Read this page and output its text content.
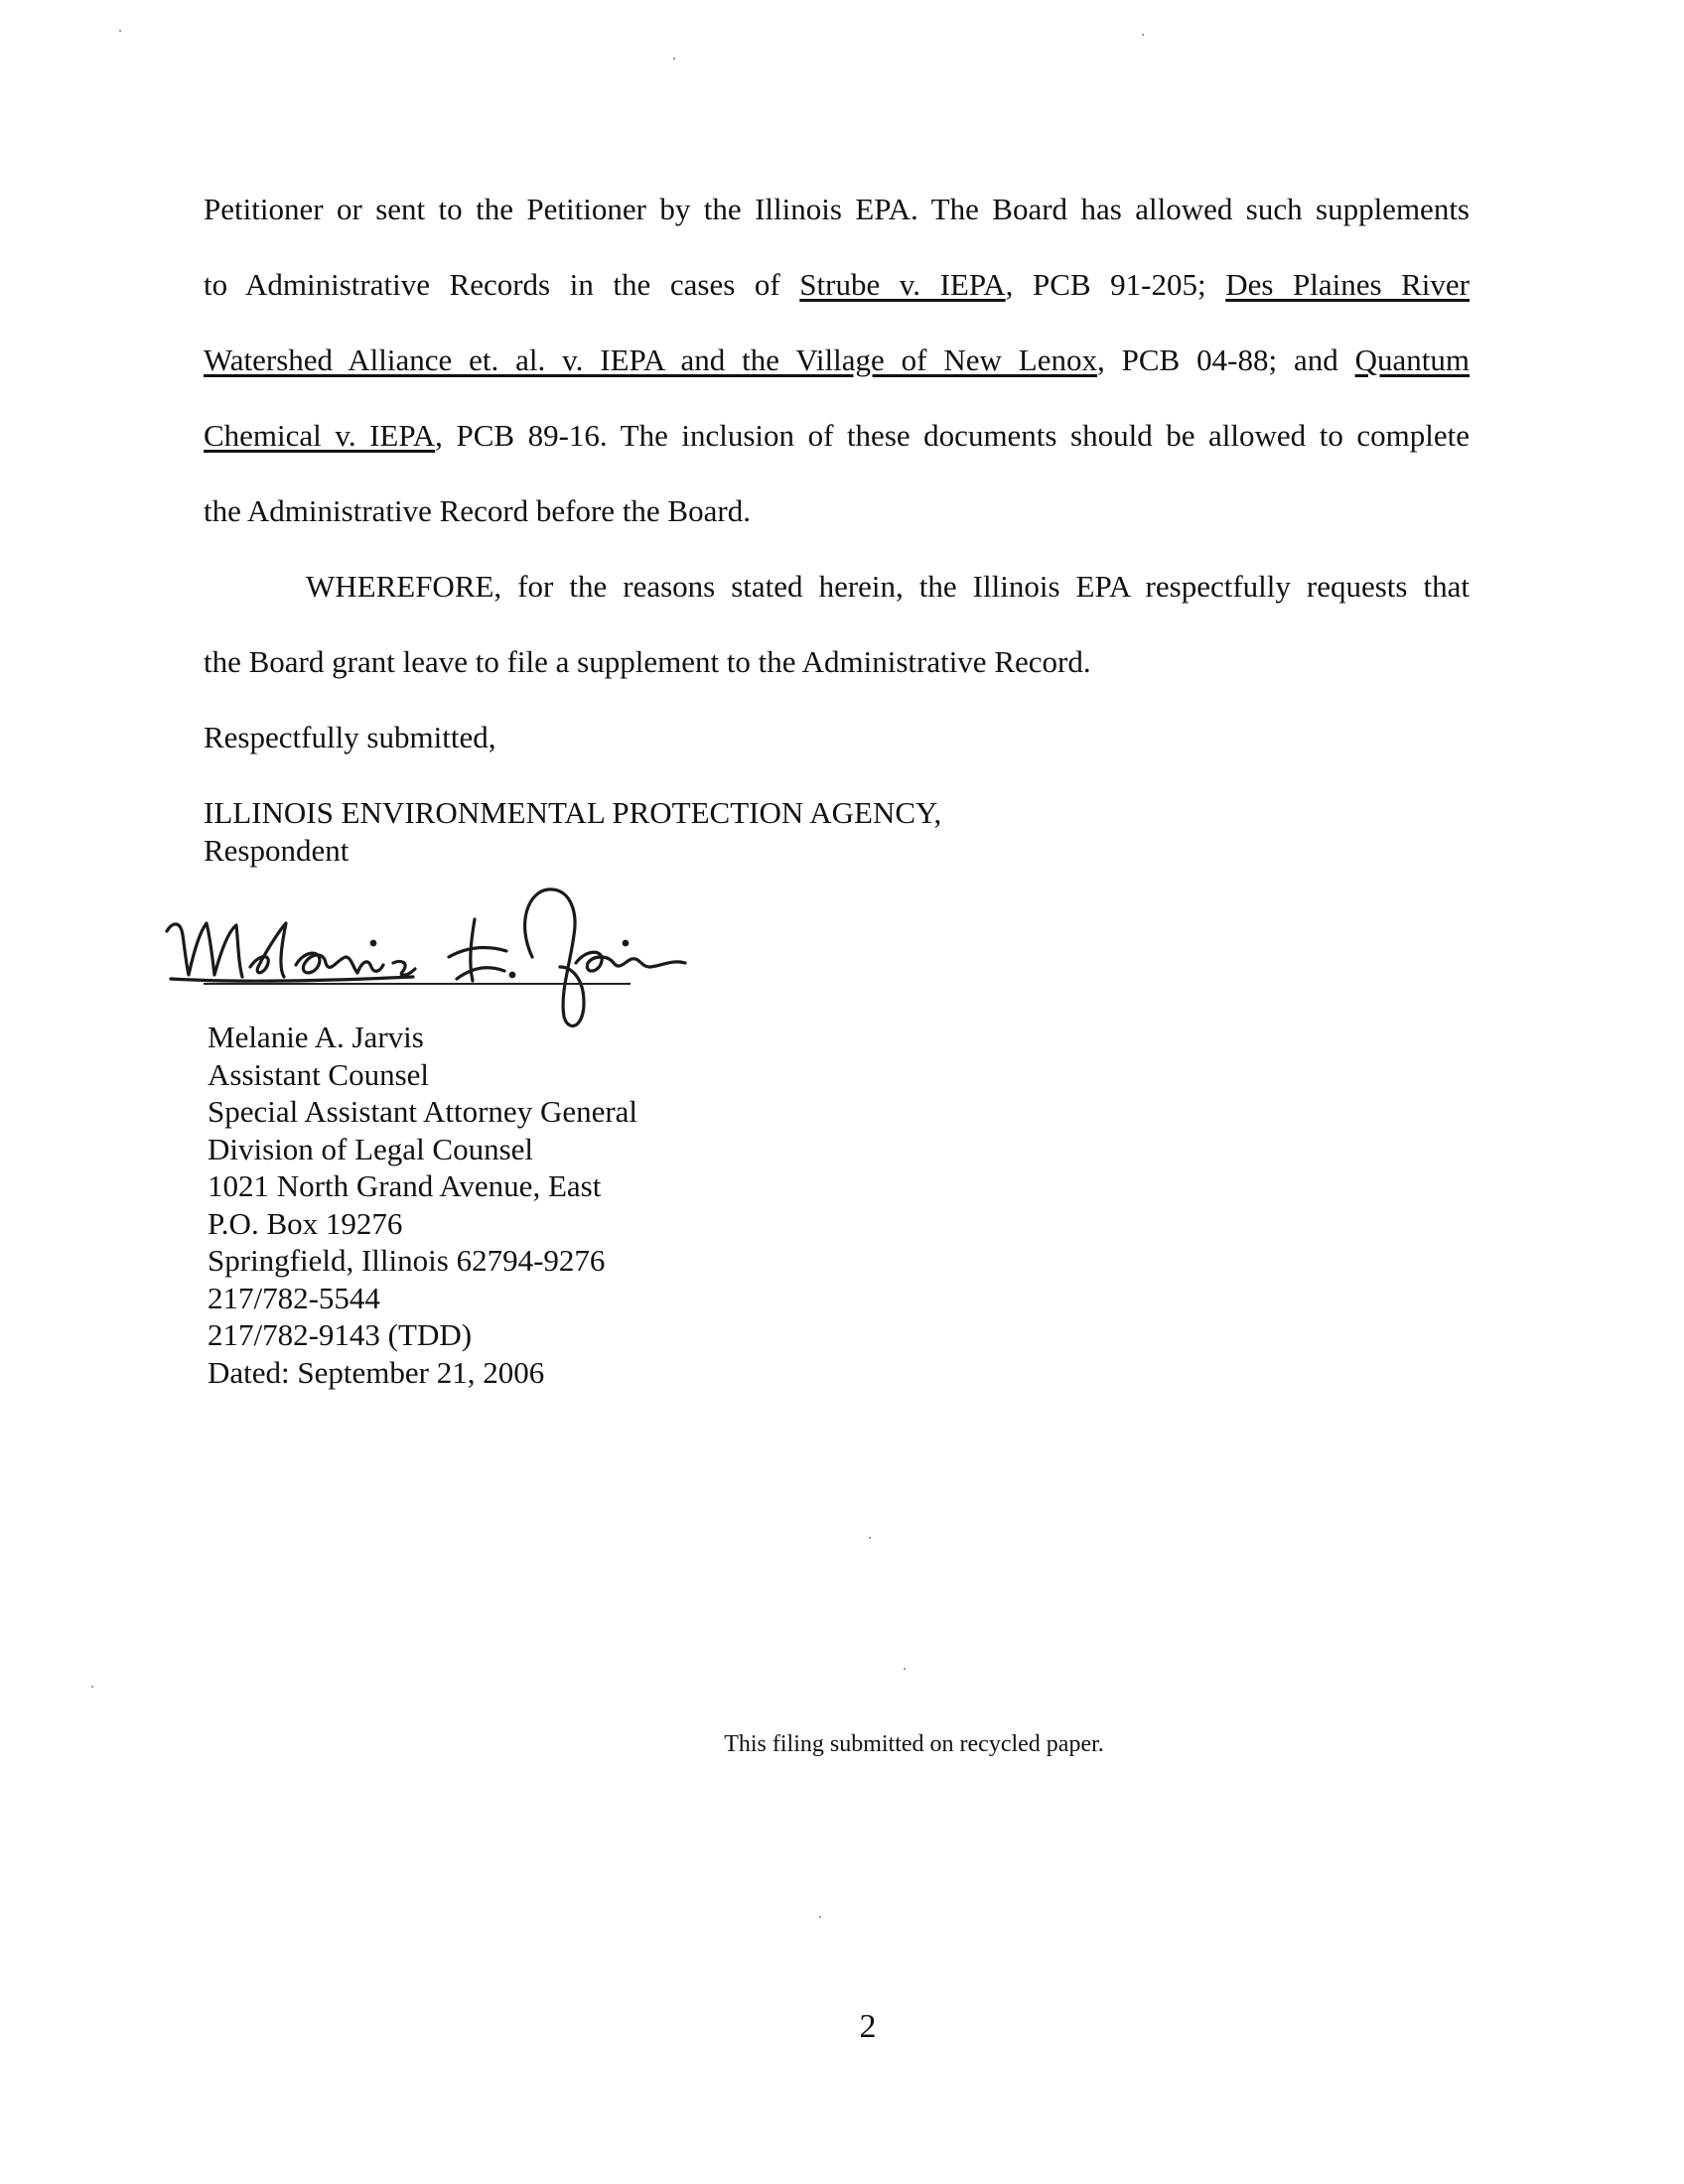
Petitioner or sent to the Petitioner by the Illinois EPA. The Board has allowed such supplements
to Administrative Records in the cases of Strube v. IEPA, PCB 91-205; Des Plaines River
Watershed Alliance et. al. v. IEPA and the Village of New Lenox, PCB 04-88; and Quantum
Chemical v. IEPA, PCB 89-16. The inclusion of these documents should be allowed to complete
the Administrative Record before the Board.
WHEREFORE, for the reasons stated herein, the Illinois EPA respectfully requests that
the Board grant leave to file a supplement to the Administrative Record.
Respectfully submitted,
ILLINOIS ENVIRONMENTAL PROTECTION AGENCY,
Respondent
Melanie A. Jarvis
Assistant Counsel
Special Assistant Attorney General
Division of Legal Counsel
1021 North Grand Avenue, East
P.O. Box 19276
Springfield, Illinois 62794-9276
217/782-5544
217/782-9143 (TDD)
Dated: September 21, 2006
This filing submitted on recycled paper.
2
